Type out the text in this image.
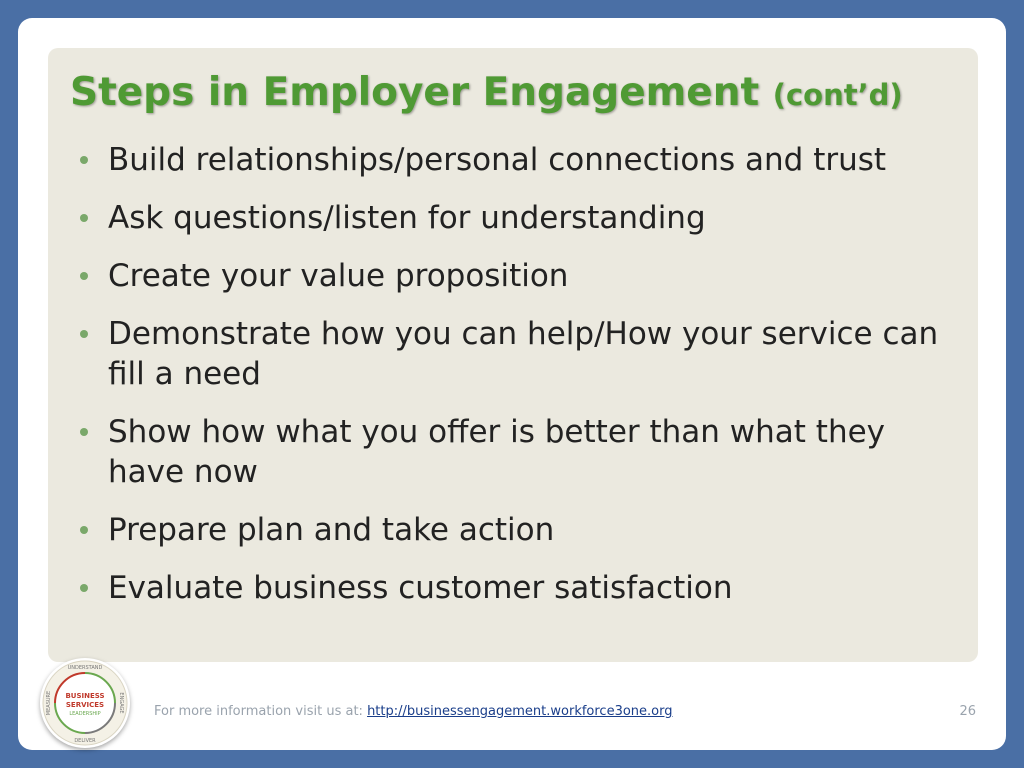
Steps in Employer Engagement (cont’d)
Build relationships/personal connections and trust
Ask questions/listen for understanding
Create your value proposition
Demonstrate how you can help/How your service can fill a need
Show how what you offer is better than what they have now
Prepare plan and take action
Evaluate business customer satisfaction
UNDERSTAND
ENGAGE
DELIVER
MEASURE BUSINESS
SERVICES
LEADERSHIP	For more information visit us at: http://businessengagement.workforce3one.org	26
